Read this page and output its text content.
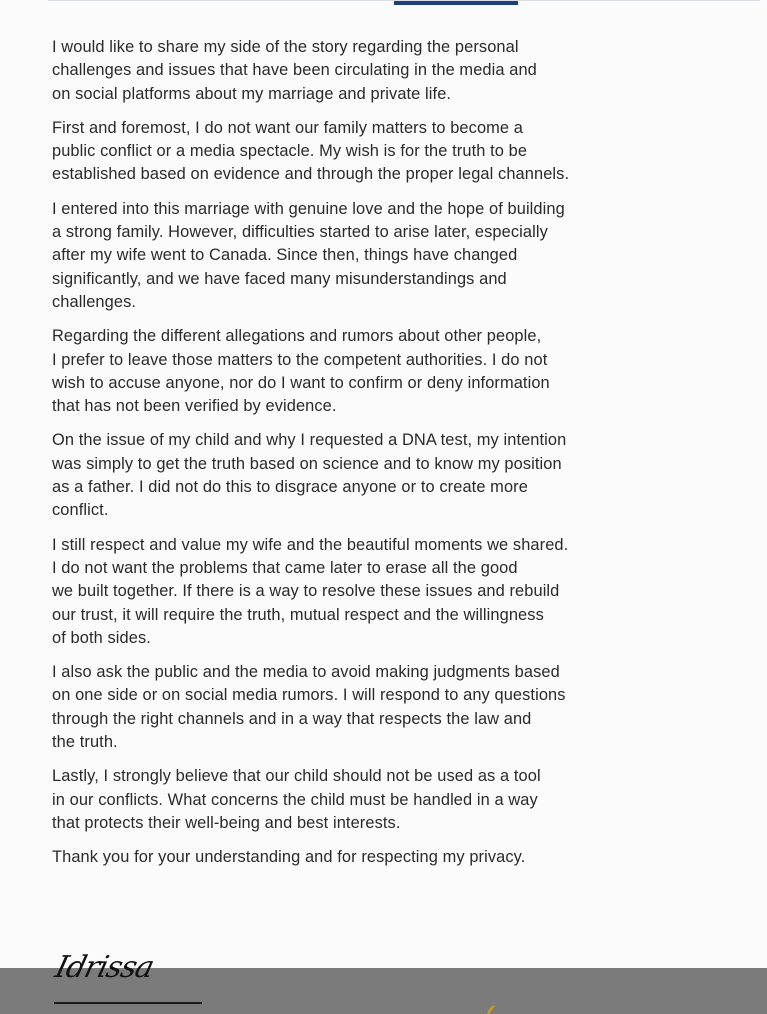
I would like to share my side of the story regarding the personal
challenges and issues that have been circulating in the media and
on social platforms about my marriage and private life.

First and foremost, I do not want our family matters to become a
public conflict or a media spectacle. My wish is for the truth to be
established based on evidence and through the proper legal channels.

I entered into this marriage with genuine love and the hope of building
a strong family. However, difficulties started to arise later, especially
after my wife went to Canada. Since then, things have changed
significantly, and we have faced many misunderstandings and
challenges.

Regarding the different allegations and rumors about other people,
I prefer to leave those matters to the competent authorities. I do not
wish to accuse anyone, nor do I want to confirm or deny information
that has not been verified by evidence.

On the issue of my child and why I requested a DNA test, my intention
was simply to get the truth based on science and to know my position
as a father. I did not do this to disgrace anyone or to create more
conflict.

I still respect and value my wife and the beautiful moments we shared.
I do not want the problems that came later to erase all the good
we built together. If there is a way to resolve these issues and rebuild
our trust, it will require the truth, mutual respect and the willingness
of both sides.

I also ask the public and the media to avoid making judgments based
on one side or on social media rumors. I will respond to any questions
through the right channels and in a way that respects the law and
the truth.

Lastly, I strongly believe that our child should not be used as a tool
in our conflicts. What concerns the child must be handled in a way
that protects their well-being and best interests.

Thank you for your understanding and for respecting my privacy.

Idrissa
